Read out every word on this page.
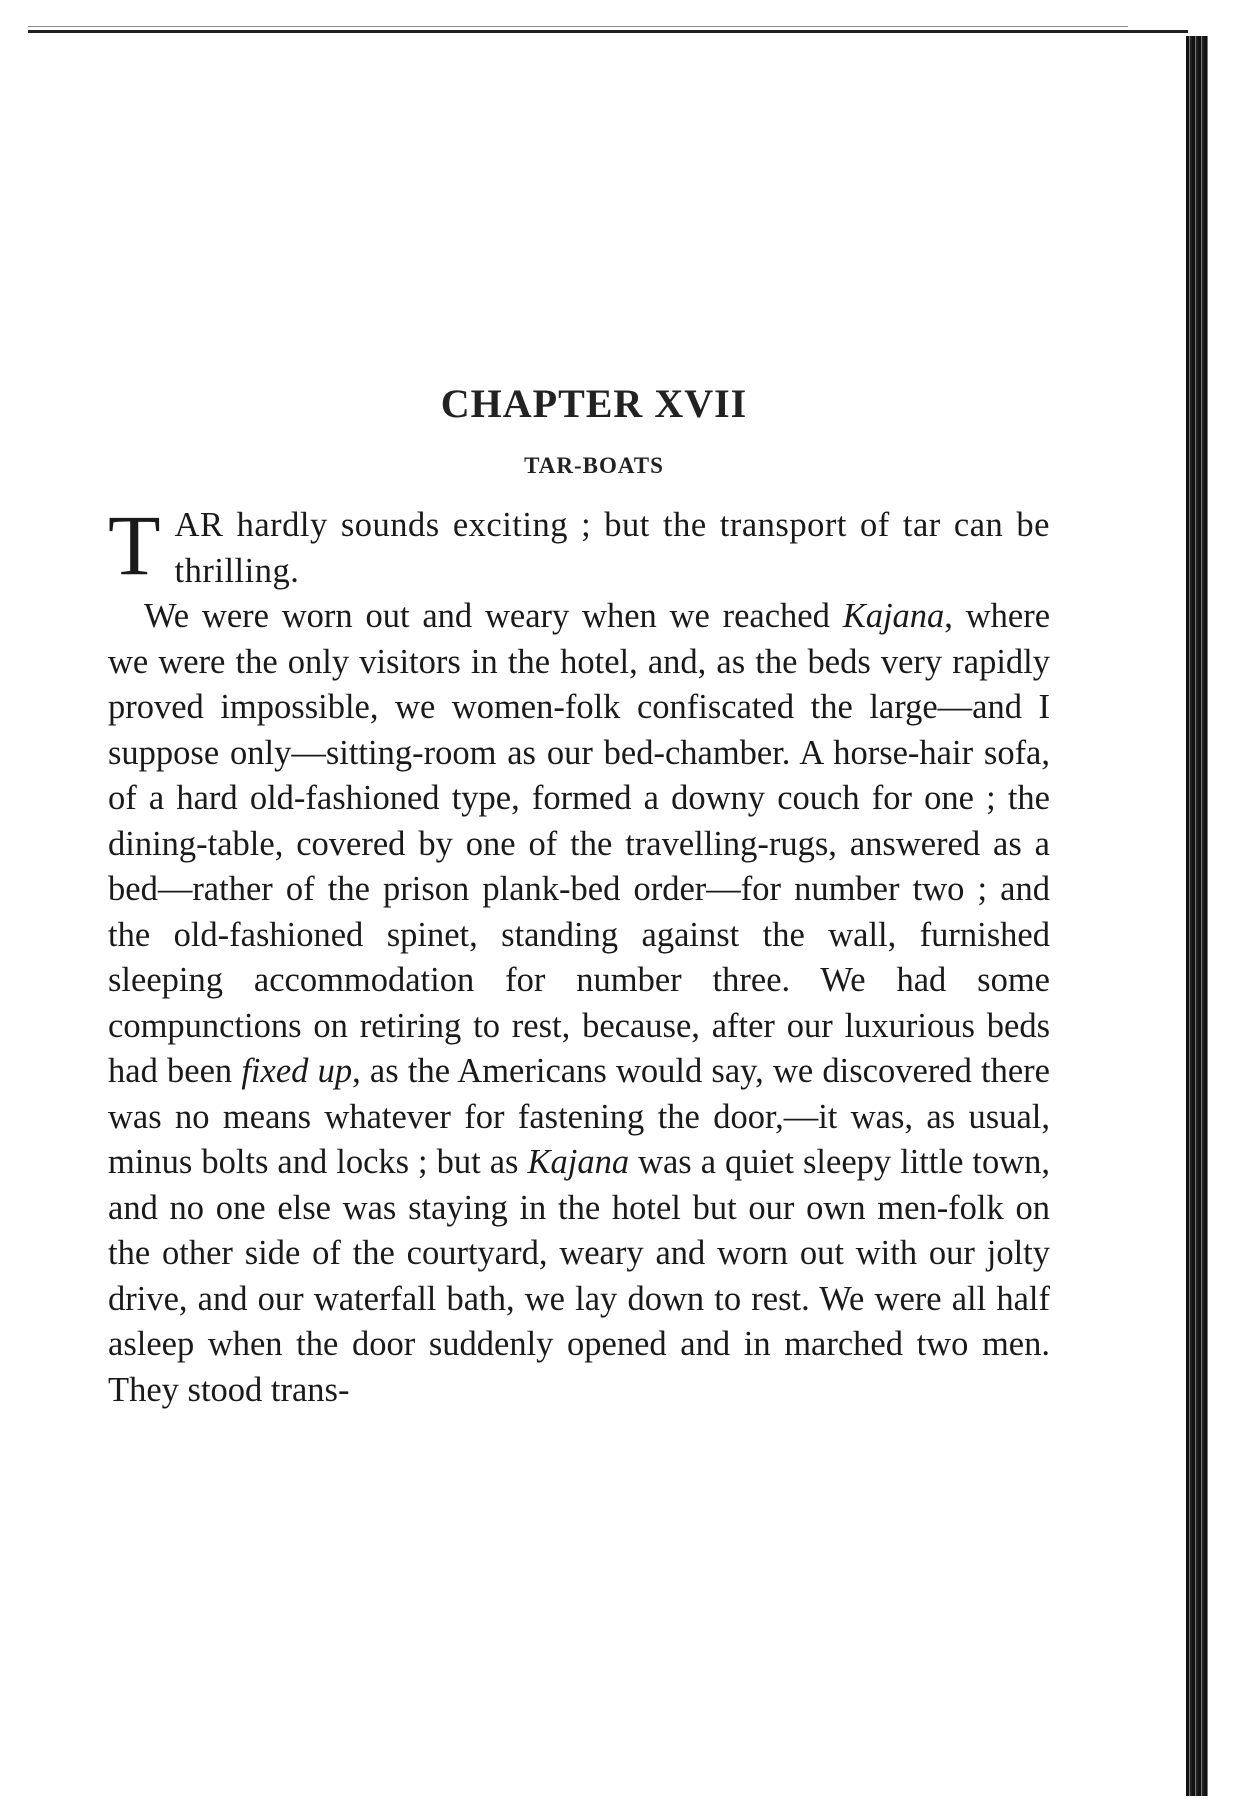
CHAPTER XVII
TAR-BOATS

TAR hardly sounds exciting ; but the transport of tar can be thrilling.

We were worn out and weary when we reached Kajana, where we were the only visitors in the hotel, and, as the beds very rapidly proved impossible, we women-folk confiscated the large—and I suppose only—sitting-room as our bed-chamber. A horse-hair sofa, of a hard old-fashioned type, formed a downy couch for one ; the dining-table, covered by one of the travelling-rugs, answered as a bed—rather of the prison plank-bed order—for number two ; and the old-fashioned spinet, standing against the wall, furnished sleeping accommodation for number three. We had some compunctions on retiring to rest, because, after our luxurious beds had been fixed up, as the Americans would say, we discovered there was no means whatever for fastening the door,—it was, as usual, minus bolts and locks ; but as Kajana was a quiet sleepy little town, and no one else was staying in the hotel but our own men-folk on the other side of the courtyard, weary and worn out with our jolty drive, and our waterfall bath, we lay down to rest. We were all half asleep when the door suddenly opened and in marched two men. They stood trans-
